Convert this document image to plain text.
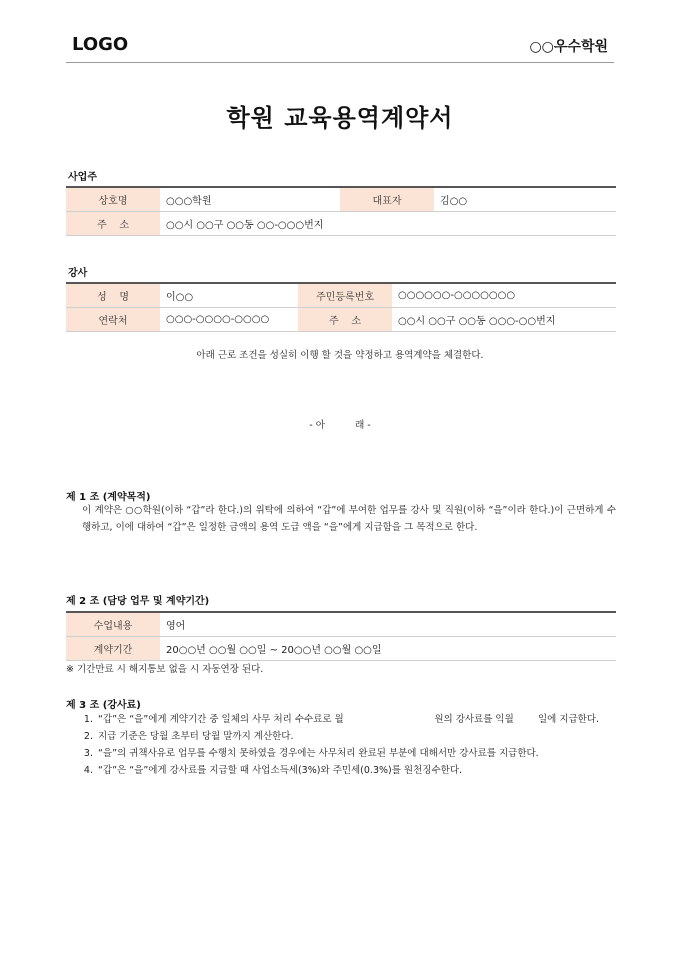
LOGO	○○우수학원
학원 교육용역계약서
사업주
상호명	○○○학원	대표자	김○○
주    소	○○시 ○○구 ○○동 ○○-○○○번지		
강사
성    명	이○○	주민등록번호	○○○○○○-○○○○○○○
연락처	○○○-○○○○-○○○○	주    소	○○시 ○○구 ○○동 ○○○-○○번지
아래 근로 조건을 성실히 이행 할 것을 약정하고 용역계약을 체결한다.
- 아          래 -
제 1 조 (계약목적)
이 계약은 ○○학원(이하 “갑”라 한다.)의 위탁에 의하여 “갑”에 부여한 업무를 강사 및 직원(이하 “을”이라 한다.)이 근면하게 수행하고, 이에 대하여 “갑”은 일정한 금액의 용역 도급 액을 “을”에게 지급함을 그 목적으로 한다.
제 2 조 (담당 업무 및 계약기간)
수업내용	영어
계약기간	20○○년 ○○월 ○○일 ~ 20○○년 ○○월 ○○일
※ 기간만료 시 해지통보 없을 시 자동연장 된다.
제 3 조 (강사료)
1. “갑”은 “을”에게 계약기간 중 일체의 사무 처리 수수료로 월                              원의 강사료를 익월        일에 지급한다.
2. 지급 기준은 당월 초부터 당월 말까지 계산한다.
3. “을”의 귀책사유로 업무를 수행치 못하였을 경우에는 사무처리 완료된 부분에 대해서만 강사료를 지급한다.
4. “갑”은 “을”에게 강사료를 지급할 때 사업소득세(3%)와 주민세(0.3%)를 원천징수한다.
